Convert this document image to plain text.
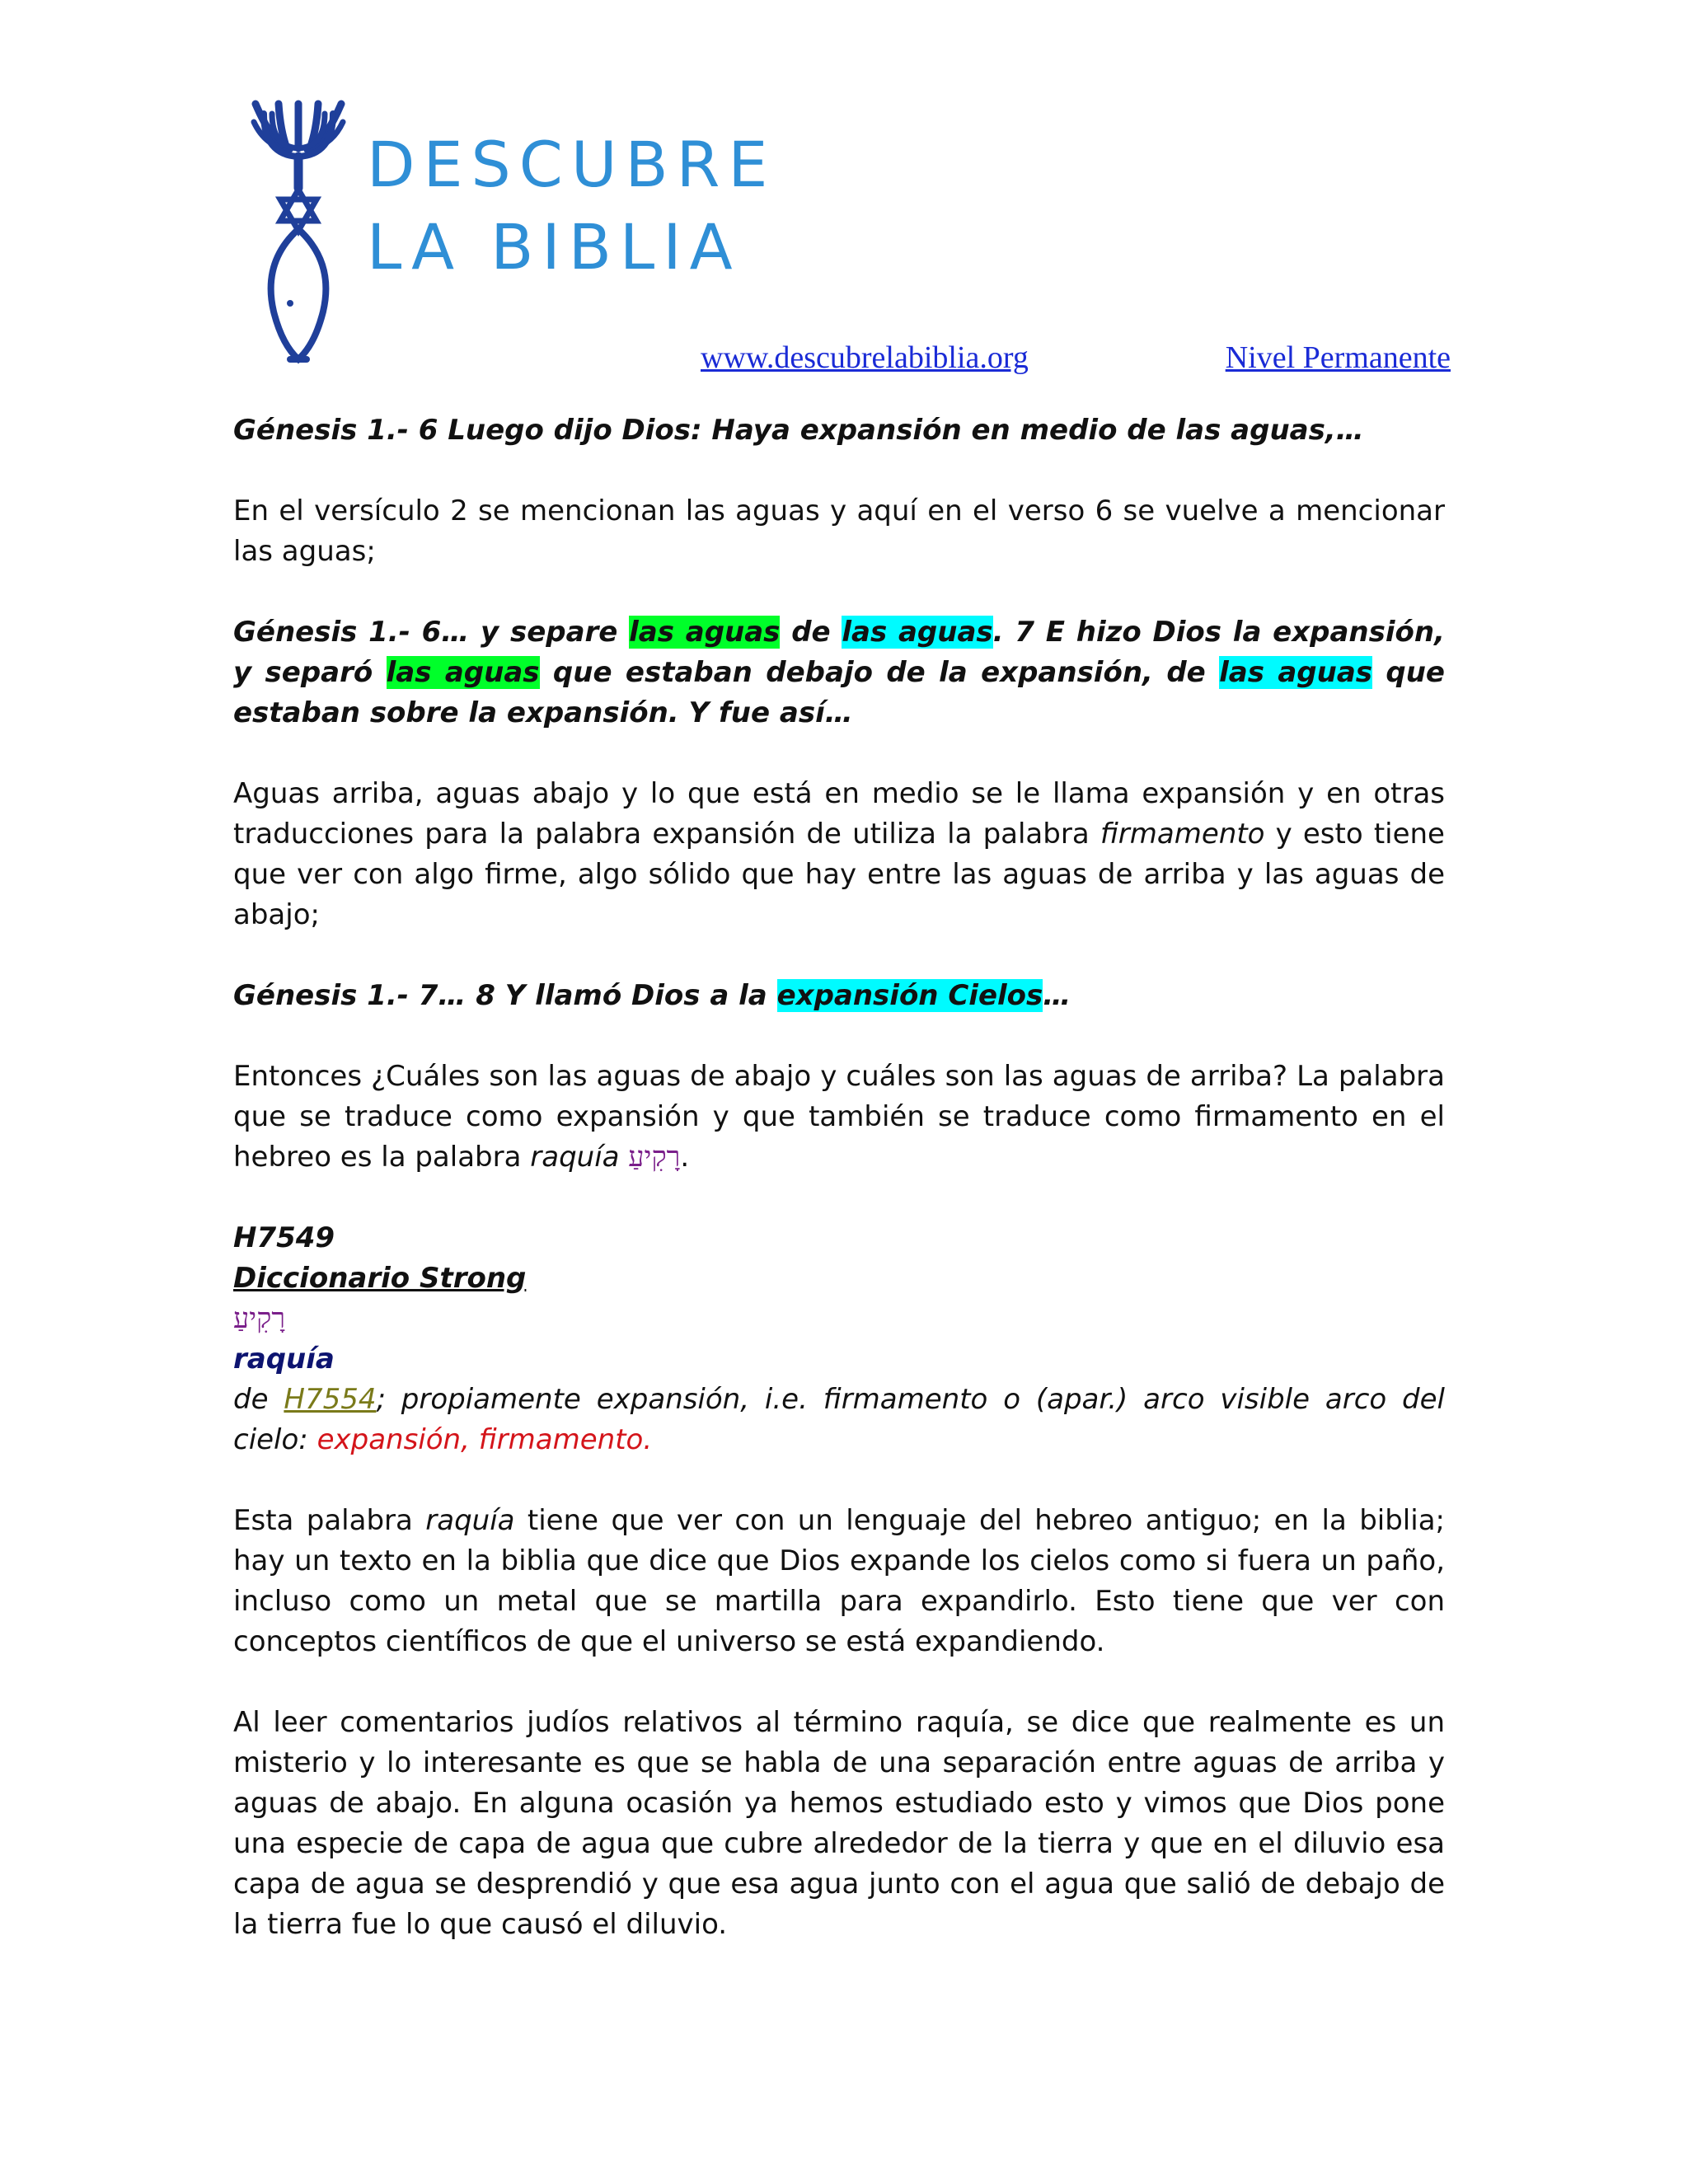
DESCUBRE
LA BIBLIA
www.descubrelabiblia.org	Nivel Permanente

Génesis 1.- 6 Luego dijo Dios: Haya expansión en medio de las aguas,…

En el versículo 2 se mencionan las aguas y aquí en el verso 6 se vuelve a mencionar las aguas;

Génesis 1.- 6… y separe las aguas de las aguas. 7 E hizo Dios la expansión, y separó las aguas que estaban debajo de la expansión, de las aguas que estaban sobre la expansión. Y fue así…

Aguas arriba, aguas abajo y lo que está en medio se le llama expansión y en otras traducciones para la palabra expansión de utiliza la palabra firmamento y esto tiene que ver con algo firme, algo sólido que hay entre las aguas de arriba y las aguas de abajo;

Génesis 1.- 7… 8 Y llamó Dios a la expansión Cielos…

Entonces ¿Cuáles son las aguas de abajo y cuáles son las aguas de arriba? La palabra que se traduce como expansión y que también se traduce como firmamento en el hebreo es la palabra raquía רָקִיעַ.

H7549
Diccionario Strong
רָקִיעַ
raquía
de H7554; propiamente expansión, i.e. firmamento o (apar.) arco visible arco del cielo: expansión, firmamento.

Esta palabra raquía tiene que ver con un lenguaje del hebreo antiguo; en la biblia; hay un texto en la biblia que dice que Dios expande los cielos como si fuera un paño, incluso como un metal que se martilla para expandirlo. Esto tiene que ver con conceptos científicos de que el universo se está expandiendo.

Al leer comentarios judíos relativos al término raquía, se dice que realmente es un misterio y lo interesante es que se habla de una separación entre aguas de arriba y aguas de abajo. En alguna ocasión ya hemos estudiado esto y vimos que Dios pone una especie de capa de agua que cubre alrededor de la tierra y que en el diluvio esa capa de agua se desprendió y que esa agua junto con el agua que salió de debajo de la tierra fue lo que causó el diluvio.
